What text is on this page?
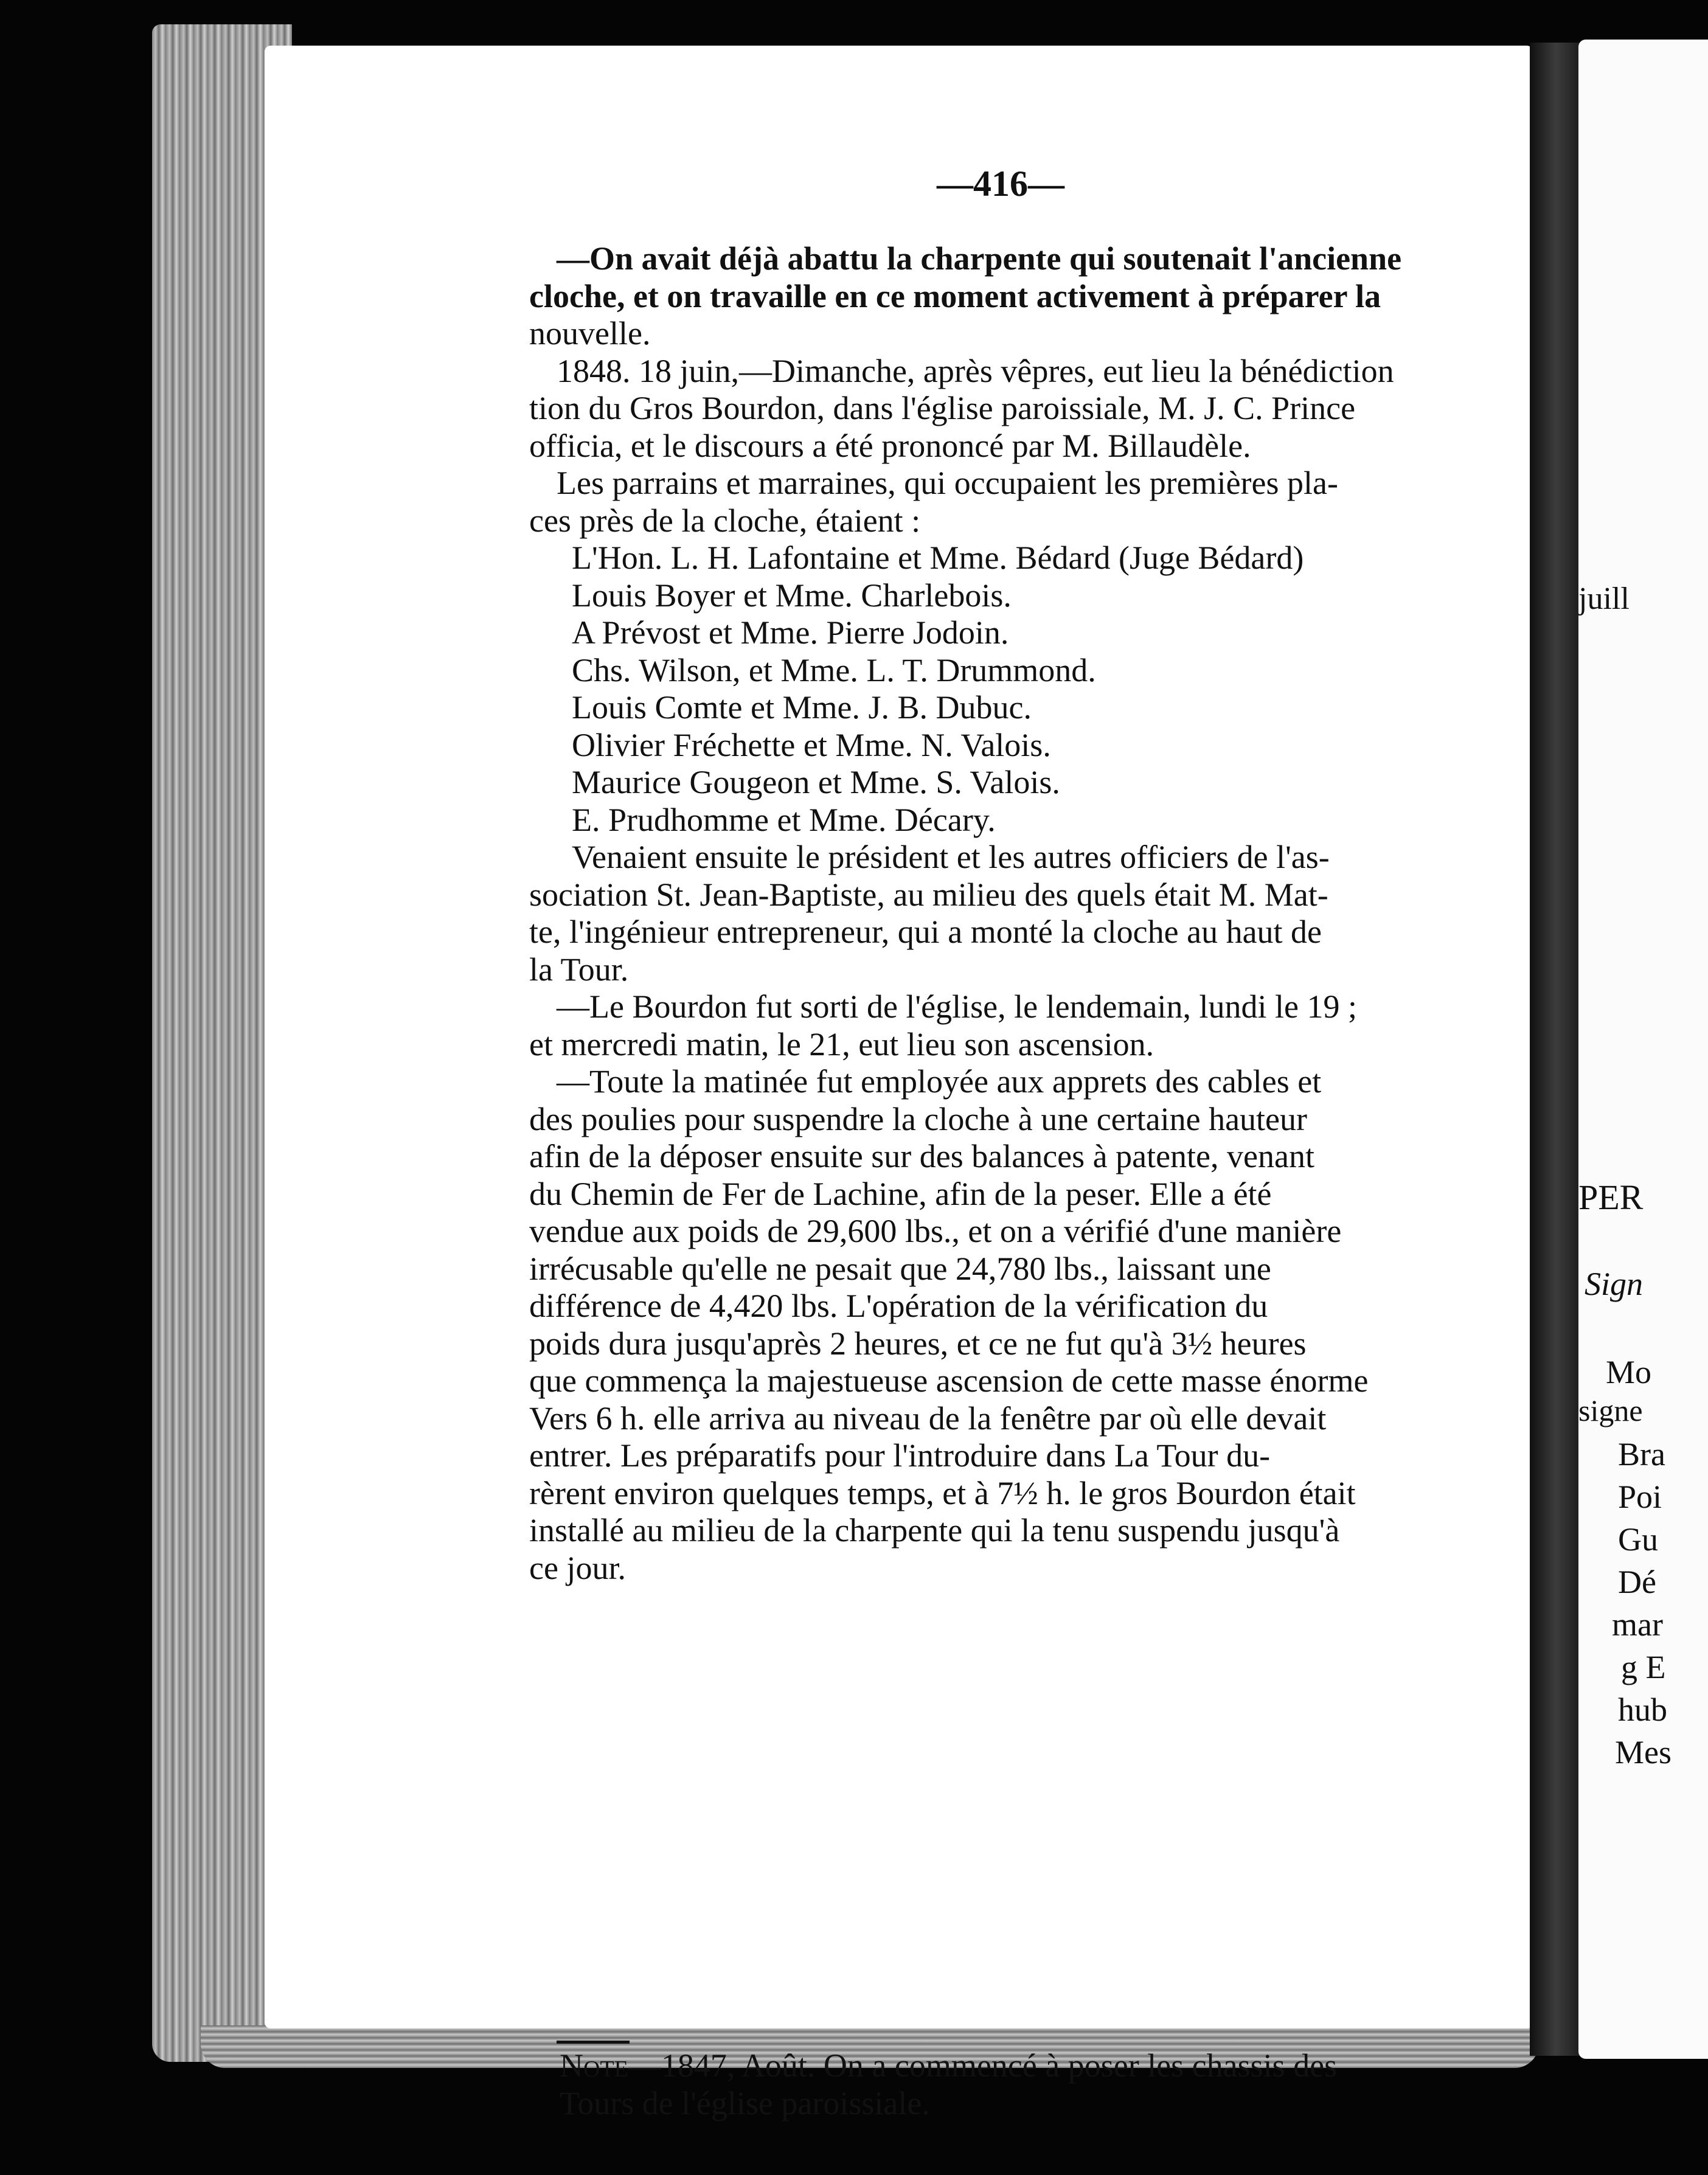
juill
PER
Sign
Mo
signe
Bra
Poi
Gu
Dé
mar
g E
hub
Mes
—416—
—On avait déjà abattu la charpente qui soutenait l'ancienne
cloche, et on travaille en ce moment activement à préparer la
nouvelle.
1848. 18 juin,—Dimanche, après vêpres, eut lieu la bénédiction
tion du Gros Bourdon, dans l'église paroissiale, M. J. C. Prince
officia, et le discours a été prononcé par M. Billaudèle.
Les parrains et marraines, qui occupaient les premières pla-
ces près de la cloche, étaient :
L'Hon. L. H. Lafontaine et Mme. Bédard (Juge Bédard)
Louis Boyer et Mme. Charlebois.
A Prévost et Mme. Pierre Jodoin.
Chs. Wilson, et Mme. L. T. Drummond.
Louis Comte et Mme. J. B. Dubuc.
Olivier Fréchette et Mme. N. Valois.
Maurice Gougeon et Mme. S. Valois.
E. Prudhomme et Mme. Décary.
Venaient ensuite le président et les autres officiers de l'as-
sociation St. Jean-Baptiste, au milieu des quels était M. Mat-
te, l'ingénieur entrepreneur, qui a monté la cloche au haut de
la Tour.
—Le Bourdon fut sorti de l'église, le lendemain, lundi le 19 ;
et mercredi matin, le 21, eut lieu son ascension.
—Toute la matinée fut employée aux apprets des cables et
des poulies pour suspendre la cloche à une certaine hauteur
afin de la déposer ensuite sur des balances à patente, venant
du Chemin de Fer de Lachine, afin de la peser. Elle a été
vendue aux poids de 29,600 lbs., et on a vérifié d'une manière
irrécusable qu'elle ne pesait que 24,780 lbs., laissant une
différence de 4,420 lbs. L'opération de la vérification du
poids dura jusqu'après 2 heures, et ce ne fut qu'à 3½ heures
que commença la majestueuse ascension de cette masse énorme
Vers 6 h. elle arriva au niveau de la fenêtre par où elle devait
entrer. Les préparatifs pour l'introduire dans La Tour du-
rèrent environ quelques temps, et à 7½ h. le gros Bourdon était
installé au milieu de la charpente qui la tenu suspendu jusqu'à
ce jour.
Note—1847, Août. On a commencé à poser les chassis des
Tours de l'église paroissiale.
